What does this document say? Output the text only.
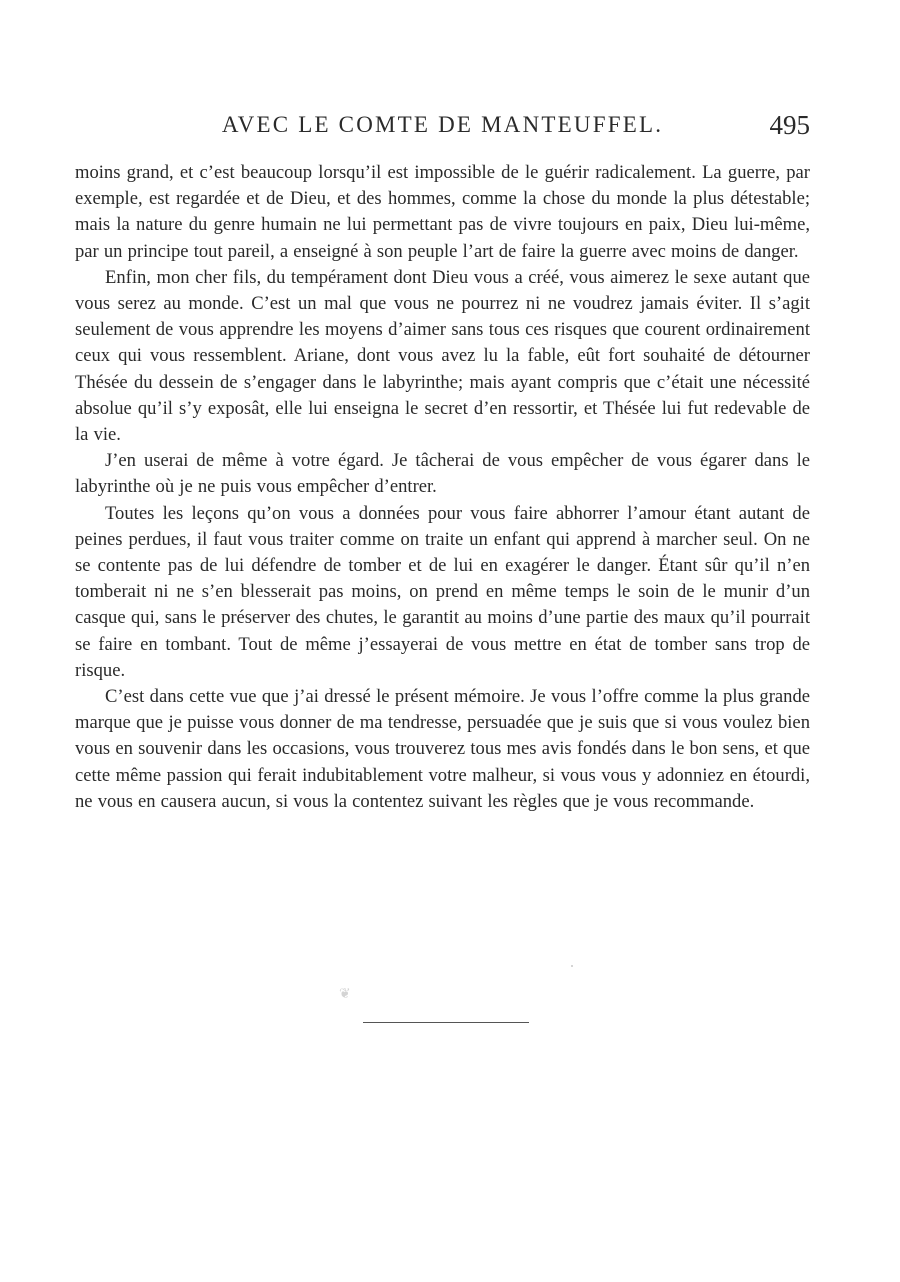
AVEC LE COMTE DE MANTEUFFEL.	495

moins grand, et c’est beaucoup lorsqu’il est impossible de le guérir radicalement. La guerre, par exemple, est regardée et de Dieu, et des hommes, comme la chose du monde la plus détestable; mais la nature du genre humain ne lui permettant pas de vivre toujours en paix, Dieu lui-même, par un principe tout pareil, a enseigné à son peuple l’art de faire la guerre avec moins de danger.

Enfin, mon cher fils, du tempérament dont Dieu vous a créé, vous aimerez le sexe autant que vous serez au monde. C’est un mal que vous ne pourrez ni ne voudrez jamais éviter. Il s’agit seulement de vous apprendre les moyens d’aimer sans tous ces risques que courent ordinairement ceux qui vous ressemblent. Ariane, dont vous avez lu la fable, eût fort souhaité de détourner Thésée du dessein de s’engager dans le labyrinthe; mais ayant compris que c’était une nécessité absolue qu’il s’y exposât, elle lui enseigna le secret d’en ressortir, et Thésée lui fut redevable de la vie.

J’en userai de même à votre égard. Je tâcherai de vous empêcher de vous égarer dans le labyrinthe où je ne puis vous empêcher d’entrer.

Toutes les leçons qu’on vous a données pour vous faire abhorrer l’amour étant autant de peines perdues, il faut vous traiter comme on traite un enfant qui apprend à marcher seul. On ne se contente pas de lui défendre de tomber et de lui en exagérer le danger. Étant sûr qu’il n’en tomberait ni ne s’en blesserait pas moins, on prend en même temps le soin de le munir d’un casque qui, sans le préserver des chutes, le garantit au moins d’une partie des maux qu’il pourrait se faire en tombant. Tout de même j’essayerai de vous mettre en état de tomber sans trop de risque.

C’est dans cette vue que j’ai dressé le présent mémoire. Je vous l’offre comme la plus grande marque que je puisse vous donner de ma tendresse, persuadée que je suis que si vous voulez bien vous en souvenir dans les occasions, vous trouverez tous mes avis fondés dans le bon sens, et que cette même passion qui ferait indubitablement votre malheur, si vous vous y adonniez en étourdi, ne vous en causera aucun, si vous la contentez suivant les règles que je vous recommande.

❦
